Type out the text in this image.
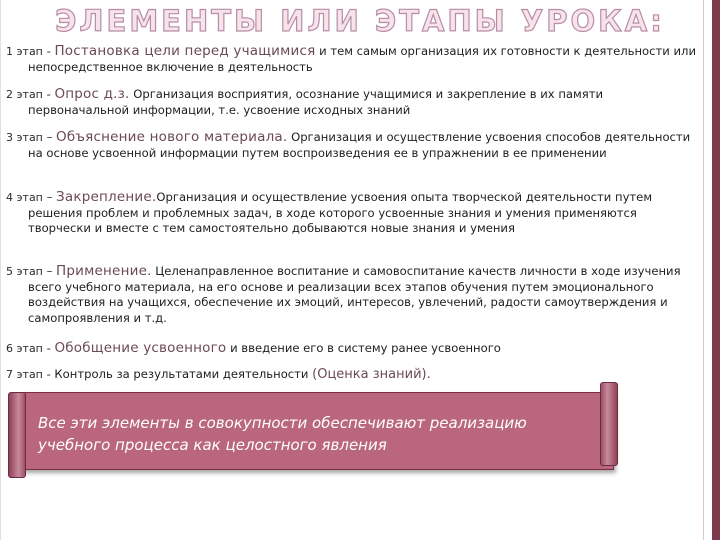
ЭЛЕМЕНТЫ ИЛИ ЭТАПЫ УРОКА:

1 этап - Постановка цели перед учащимися и тем самым организация их готовности к деятельности или непосредственное включение в деятельность

2 этап - Опрос д.з. Организация восприятия, осознание учащимися и закрепление в их памяти первоначальной информации, т.е. усвоение исходных знаний

3 этап – Объяснение нового материала. Организация и осуществление усвоения способов деятельности на основе усвоенной информации путем воспроизведения ее в упражнении в ее применении

4 этап – Закрепление.Организация и осуществление усвоения опыта творческой деятельности путем решения проблем и проблемных задач, в ходе которого усвоенные знания и умения применяются творчески и вместе с тем самостоятельно добываются новые знания и умения

5 этап – Применение. Целенаправленное воспитание и самовоспитание качеств личности в ходе изучения всего учебного материала, на его основе и реализации всех этапов обучения путем эмоционального воздействия на учащихся, обеспечение их эмоций, интересов, увлечений, радости самоутверждения и самопроявления и т.д.

6 этап - Обобщение усвоенного и введение его в систему ранее усвоенного

7 этап - Контроль за результатами деятельности (Оценка знаний).

Все эти элементы в совокупности обеспечивают реализацию учебного процесса как целостного явления
